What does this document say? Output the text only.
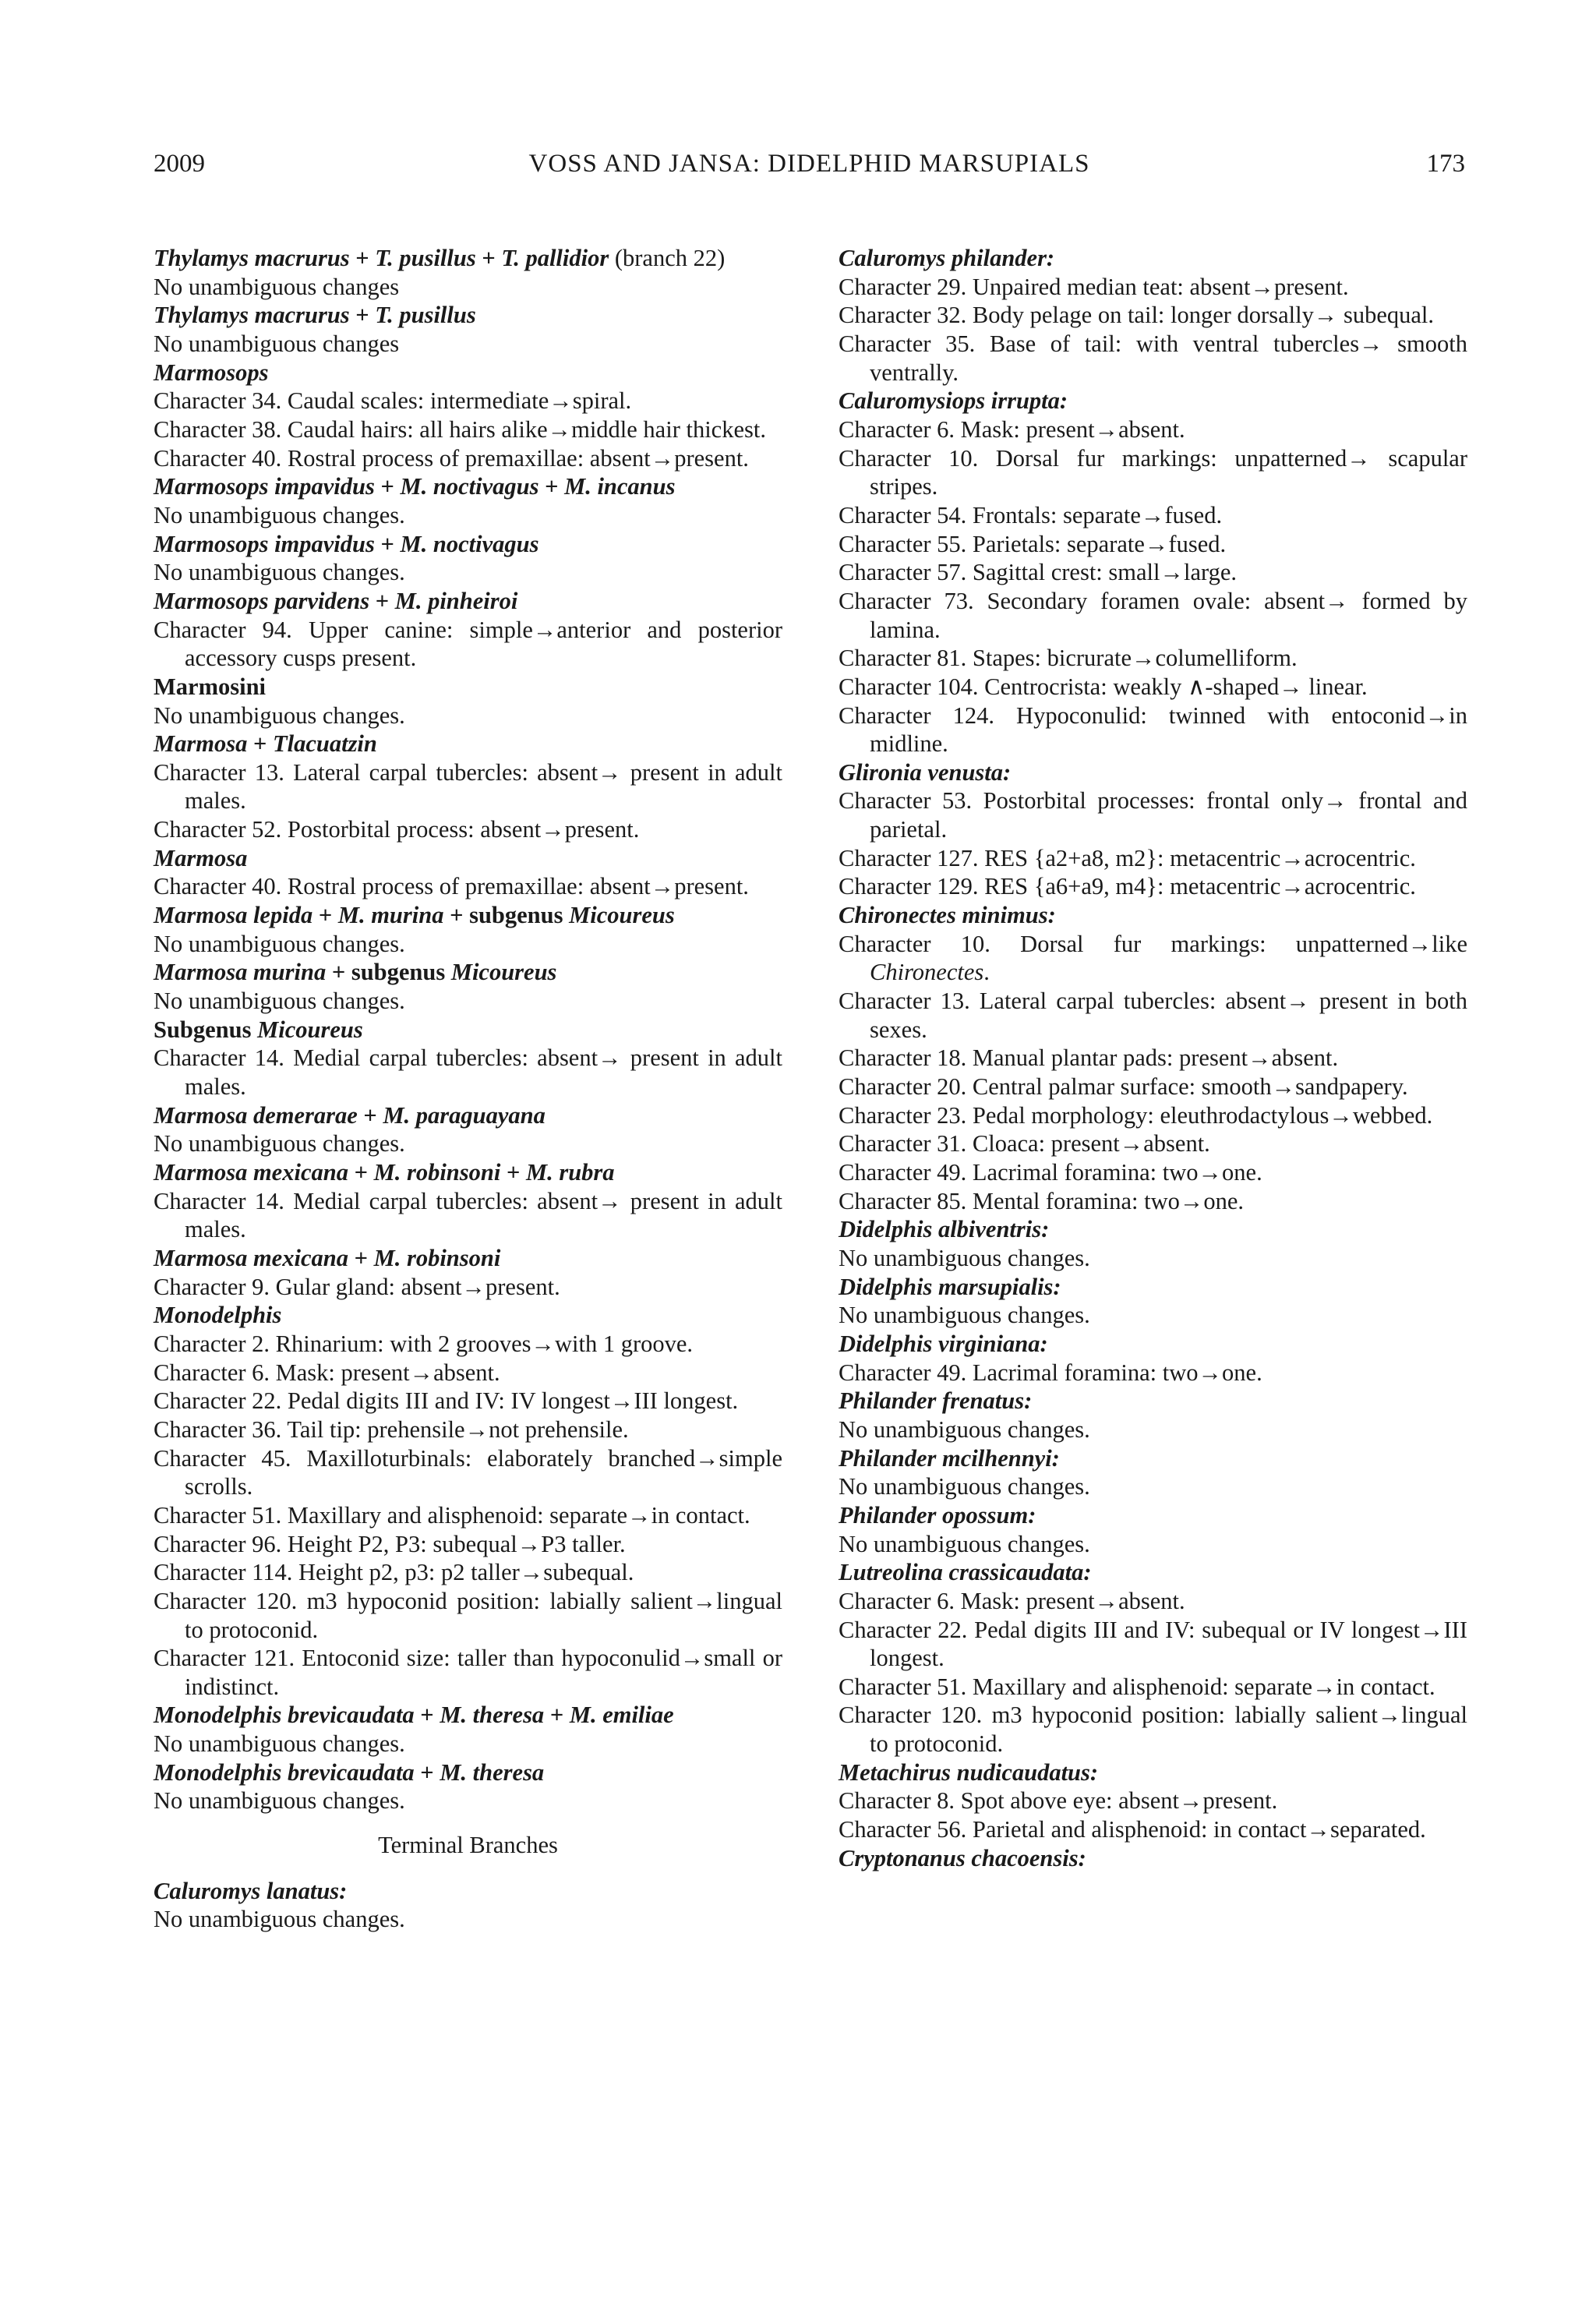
2009	VOSS AND JANSA: DIDELPHID MARSUPIALS	173
Thylamys macrurus + T. pusillus + T. pallidior (branch 22)
No unambiguous changes
Thylamys macrurus + T. pusillus
No unambiguous changes
Marmosops
Character 34. Caudal scales: intermediate→spiral.
Character 38. Caudal hairs: all hairs alike→middle hair thickest.
Character 40. Rostral process of premaxillae: absent→present.
Marmosops impavidus + M. noctivagus + M. incanus
No unambiguous changes.
Marmosops impavidus + M. noctivagus
No unambiguous changes.
Marmosops parvidens + M. pinheiroi
Character 94. Upper canine: simple→anterior and posterior accessory cusps present.
Marmosini
No unambiguous changes.
Marmosa + Tlacuatzin
Character 13. Lateral carpal tubercles: absent→ present in adult males.
Character 52. Postorbital process: absent→present.
Marmosa
Character 40. Rostral process of premaxillae: absent→present.
Marmosa lepida + M. murina + subgenus Micoureus
No unambiguous changes.
Marmosa murina + subgenus Micoureus
No unambiguous changes.
Subgenus Micoureus
Character 14. Medial carpal tubercles: absent→ present in adult males.
Marmosa demerarae + M. paraguayana
No unambiguous changes.
Marmosa mexicana + M. robinsoni + M. rubra
Character 14. Medial carpal tubercles: absent→ present in adult males.
Marmosa mexicana + M. robinsoni
Character 9. Gular gland: absent→present.
Monodelphis
Character 2. Rhinarium: with 2 grooves→with 1 groove.
Character 6. Mask: present→absent.
Character 22. Pedal digits III and IV: IV longest→III longest.
Character 36. Tail tip: prehensile→not prehensile.
Character 45. Maxilloturbinals: elaborately branched→simple scrolls.
Character 51. Maxillary and alisphenoid: separate→in contact.
Character 96. Height P2, P3: subequal→P3 taller.
Character 114. Height p2, p3: p2 taller→subequal.
Character 120. m3 hypoconid position: labially salient→lingual to protoconid.
Character 121. Entoconid size: taller than hypoconulid→small or indistinct.
Monodelphis brevicaudata + M. theresa + M. emiliae
No unambiguous changes.
Monodelphis brevicaudata + M. theresa
No unambiguous changes.
Terminal Branches
Caluromys lanatus:
No unambiguous changes.
Caluromys philander:
Character 29. Unpaired median teat: absent→present.
Character 32. Body pelage on tail: longer dorsally→ subequal.
Character 35. Base of tail: with ventral tubercles→ smooth ventrally.
Caluromysiops irrupta:
Character 6. Mask: present→absent.
Character 10. Dorsal fur markings: unpatterned→ scapular stripes.
Character 54. Frontals: separate→fused.
Character 55. Parietals: separate→fused.
Character 57. Sagittal crest: small→large.
Character 73. Secondary foramen ovale: absent→ formed by lamina.
Character 81. Stapes: bicrurate→columelliform.
Character 104. Centrocrista: weakly ∧-shaped→ linear.
Character 124. Hypoconulid: twinned with entoconid→in midline.
Glironia venusta:
Character 53. Postorbital processes: frontal only→ frontal and parietal.
Character 127. RES {a2+a8, m2}: metacentric→acrocentric.
Character 129. RES {a6+a9, m4}: metacentric→acrocentric.
Chironectes minimus:
Character 10. Dorsal fur markings: unpatterned→like Chironectes.
Character 13. Lateral carpal tubercles: absent→ present in both sexes.
Character 18. Manual plantar pads: present→absent.
Character 20. Central palmar surface: smooth→sandpapery.
Character 23. Pedal morphology: eleuthrodactylous→webbed.
Character 31. Cloaca: present→absent.
Character 49. Lacrimal foramina: two→one.
Character 85. Mental foramina: two→one.
Didelphis albiventris:
No unambiguous changes.
Didelphis marsupialis:
No unambiguous changes.
Didelphis virginiana:
Character 49. Lacrimal foramina: two→one.
Philander frenatus:
No unambiguous changes.
Philander mcilhennyi:
No unambiguous changes.
Philander opossum:
No unambiguous changes.
Lutreolina crassicaudata:
Character 6. Mask: present→absent.
Character 22. Pedal digits III and IV: subequal or IV longest→III longest.
Character 51. Maxillary and alisphenoid: separate→in contact.
Character 120. m3 hypoconid position: labially salient→lingual to protoconid.
Metachirus nudicaudatus:
Character 8. Spot above eye: absent→present.
Character 56. Parietal and alisphenoid: in contact→separated.
Cryptonanus chacoensis:
